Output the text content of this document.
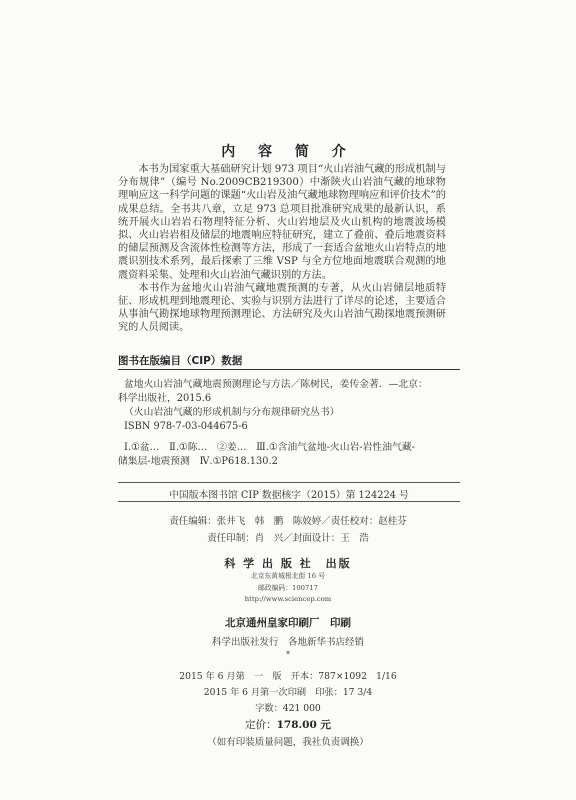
内 容 简 介

本书为国家重大基础研究计划 973 项目“火山岩油气藏的形成机制与分布规律”（编号 No.2009CB219300）中渐陕火山岩油气藏的地球物理响应这一科学问题的课题“火山岩及油气藏地球物理响应和评价技术”的成果总结。全书共八章，立足 973 总项目批准研究成果的最新认识，系统开展火山岩岩石物理特征分析、火山岩地层及火山机构的地震波场模拟、火山岩岩相及储层的地震响应特征研究，建立了叠前、叠后地震资料的储层预测及含流体性检测等方法，形成了一套适合盆地火山岩特点的地震识别技术系列，最后探索了三维 VSP 与全方位地面地震联合观测的地震资料采集、处理和火山岩油气藏识别的方法。

本书作为盆地火山岩油气藏地震预测的专著，从火山岩储层地质特征、形成机理到地震理论、实验与识别方法进行了详尽的论述，主要适合从事油气勘探地球物理预测理论、方法研究及火山岩油气勘探地震预测研究的人员阅读。

图书在版编目（CIP）数据
盆地火山岩油气藏地震预测理论与方法／陈树民，姜传金著．—北京：
科学出版社，2015.6
（火山岩油气藏的形成机制与分布规律研究丛书）
ISBN 978-7-03-044675-6
Ⅰ.①盆…　Ⅱ.①陈…　②姜…　Ⅲ.①含油气盆地-火山岩-岩性油气藏-
储集层-地震预测　Ⅳ.①P618.130.2
中国版本图书馆 CIP 数据核字（2015）第 124224 号
责任编辑：张井飞　韩　鹏　陈姣婷／责任校对：赵桂芬
责任印制：肖　兴／封面设计：王　浩
科 学 出 版 社　出版
北京东黄城根北街 16 号
邮政编码：100717
http://www.sciencep.com
北京通州皇家印刷厂　印刷
科学出版社发行　各地新华书店经销
*
2015 年 6 月第　一　版　开本：787×1092　1/16
2015 年 6 月第一次印刷　印张：17 3/4
字数：421 000
定价：178.00 元
（如有印装质量问题，我社负责调换）
